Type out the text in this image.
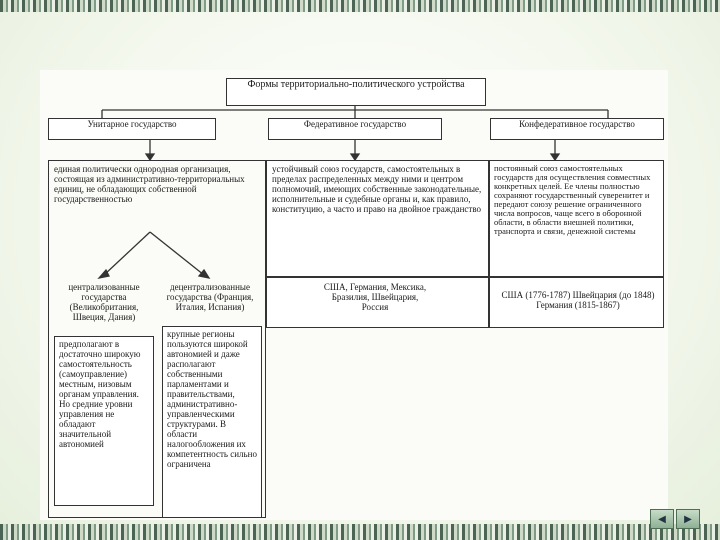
Формы территориально-политического устройства
Унитарное государство	Федеративное государство	Конфедеративное государство
единая политически однородная организация, состоящая из административно-территориальных единиц, не обладающих собственной государственностью
устойчивый союз государств, самостоятельных в пределах распределенных между ними и центром полномочий, имеющих собственные законодательные, исполнительные и судебные органы и, как правило, конституцию, а часто и право на двойное гражданство
постоянный союз самостоятельных государств для осуществления совместных конкретных целей. Ее члены полностью сохраняют государственный суверенитет и передают союзу решение ограниченного числа вопросов, чаще всего в оборонной области, в области внешней политики, транспорта и связи, денежной системы
США, Германия, Мексика, Бразилия, Швейцария, Россия
США (1776-1787) Швейцария (до 1848) Германия (1815-1867)
централизованные государства (Великобритания, Швеция, Дания)
децентрализованные государства (Франция, Италия, Испания)
предполагают в достаточно широкую самостоятельность (самоуправление) местным, низовым органам управления. Но средние уровни управления не обладают значительной автономией
крупные регионы пользуются широкой автономией и даже располагают собственными парламентами и правительствами, административно-управленческими структурами. В области налогообложения их компетентность сильно ограничена
◀ ▶
